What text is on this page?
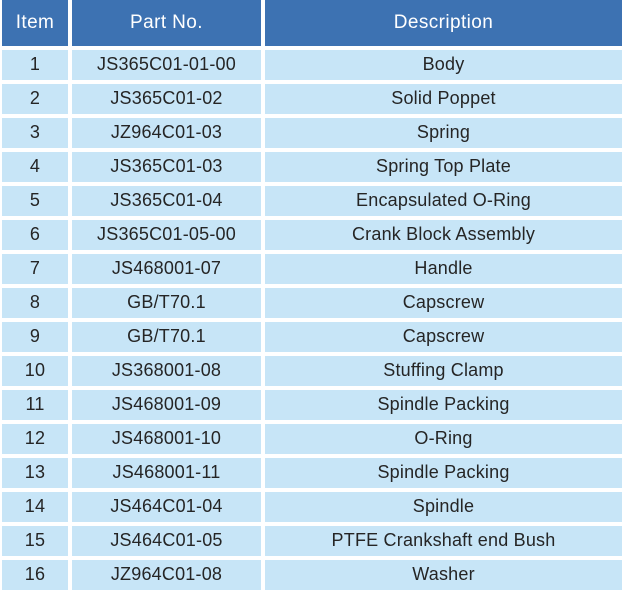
Item	Part No.	Description
1	JS365C01-01-00	Body
2	JS365C01-02	Solid Poppet
3	JZ964C01-03	Spring
4	JS365C01-03	Spring Top Plate
5	JS365C01-04	Encapsulated O-Ring
6	JS365C01-05-00	Crank Block Assembly
7	JS468001-07	Handle
8	GB/T70.1	Capscrew
9	GB/T70.1	Capscrew
10	JS368001-08	Stuffing Clamp
11	JS468001-09	Spindle Packing
12	JS468001-10	O-Ring
13	JS468001-11	Spindle Packing
14	JS464C01-04	Spindle
15	JS464C01-05	PTFE Crankshaft end Bush
16	JZ964C01-08	Washer
